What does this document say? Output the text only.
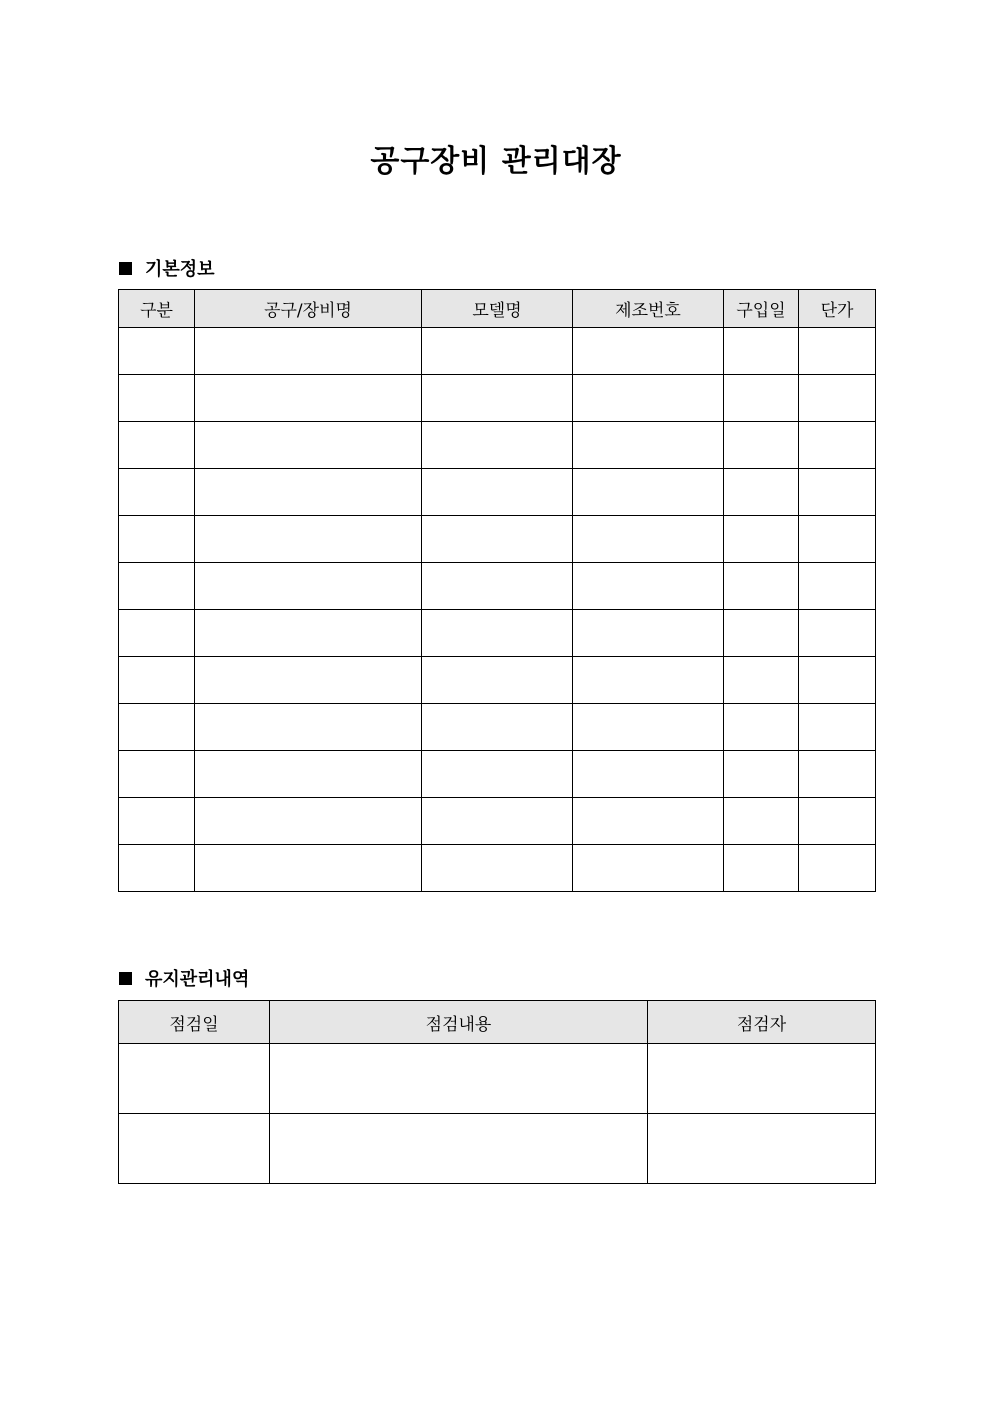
공구장비 관리대장
기본정보
구분	공구/장비명	모델명	제조번호	구입일	단가

유지관리내역
점검일	점검내용	점검자
